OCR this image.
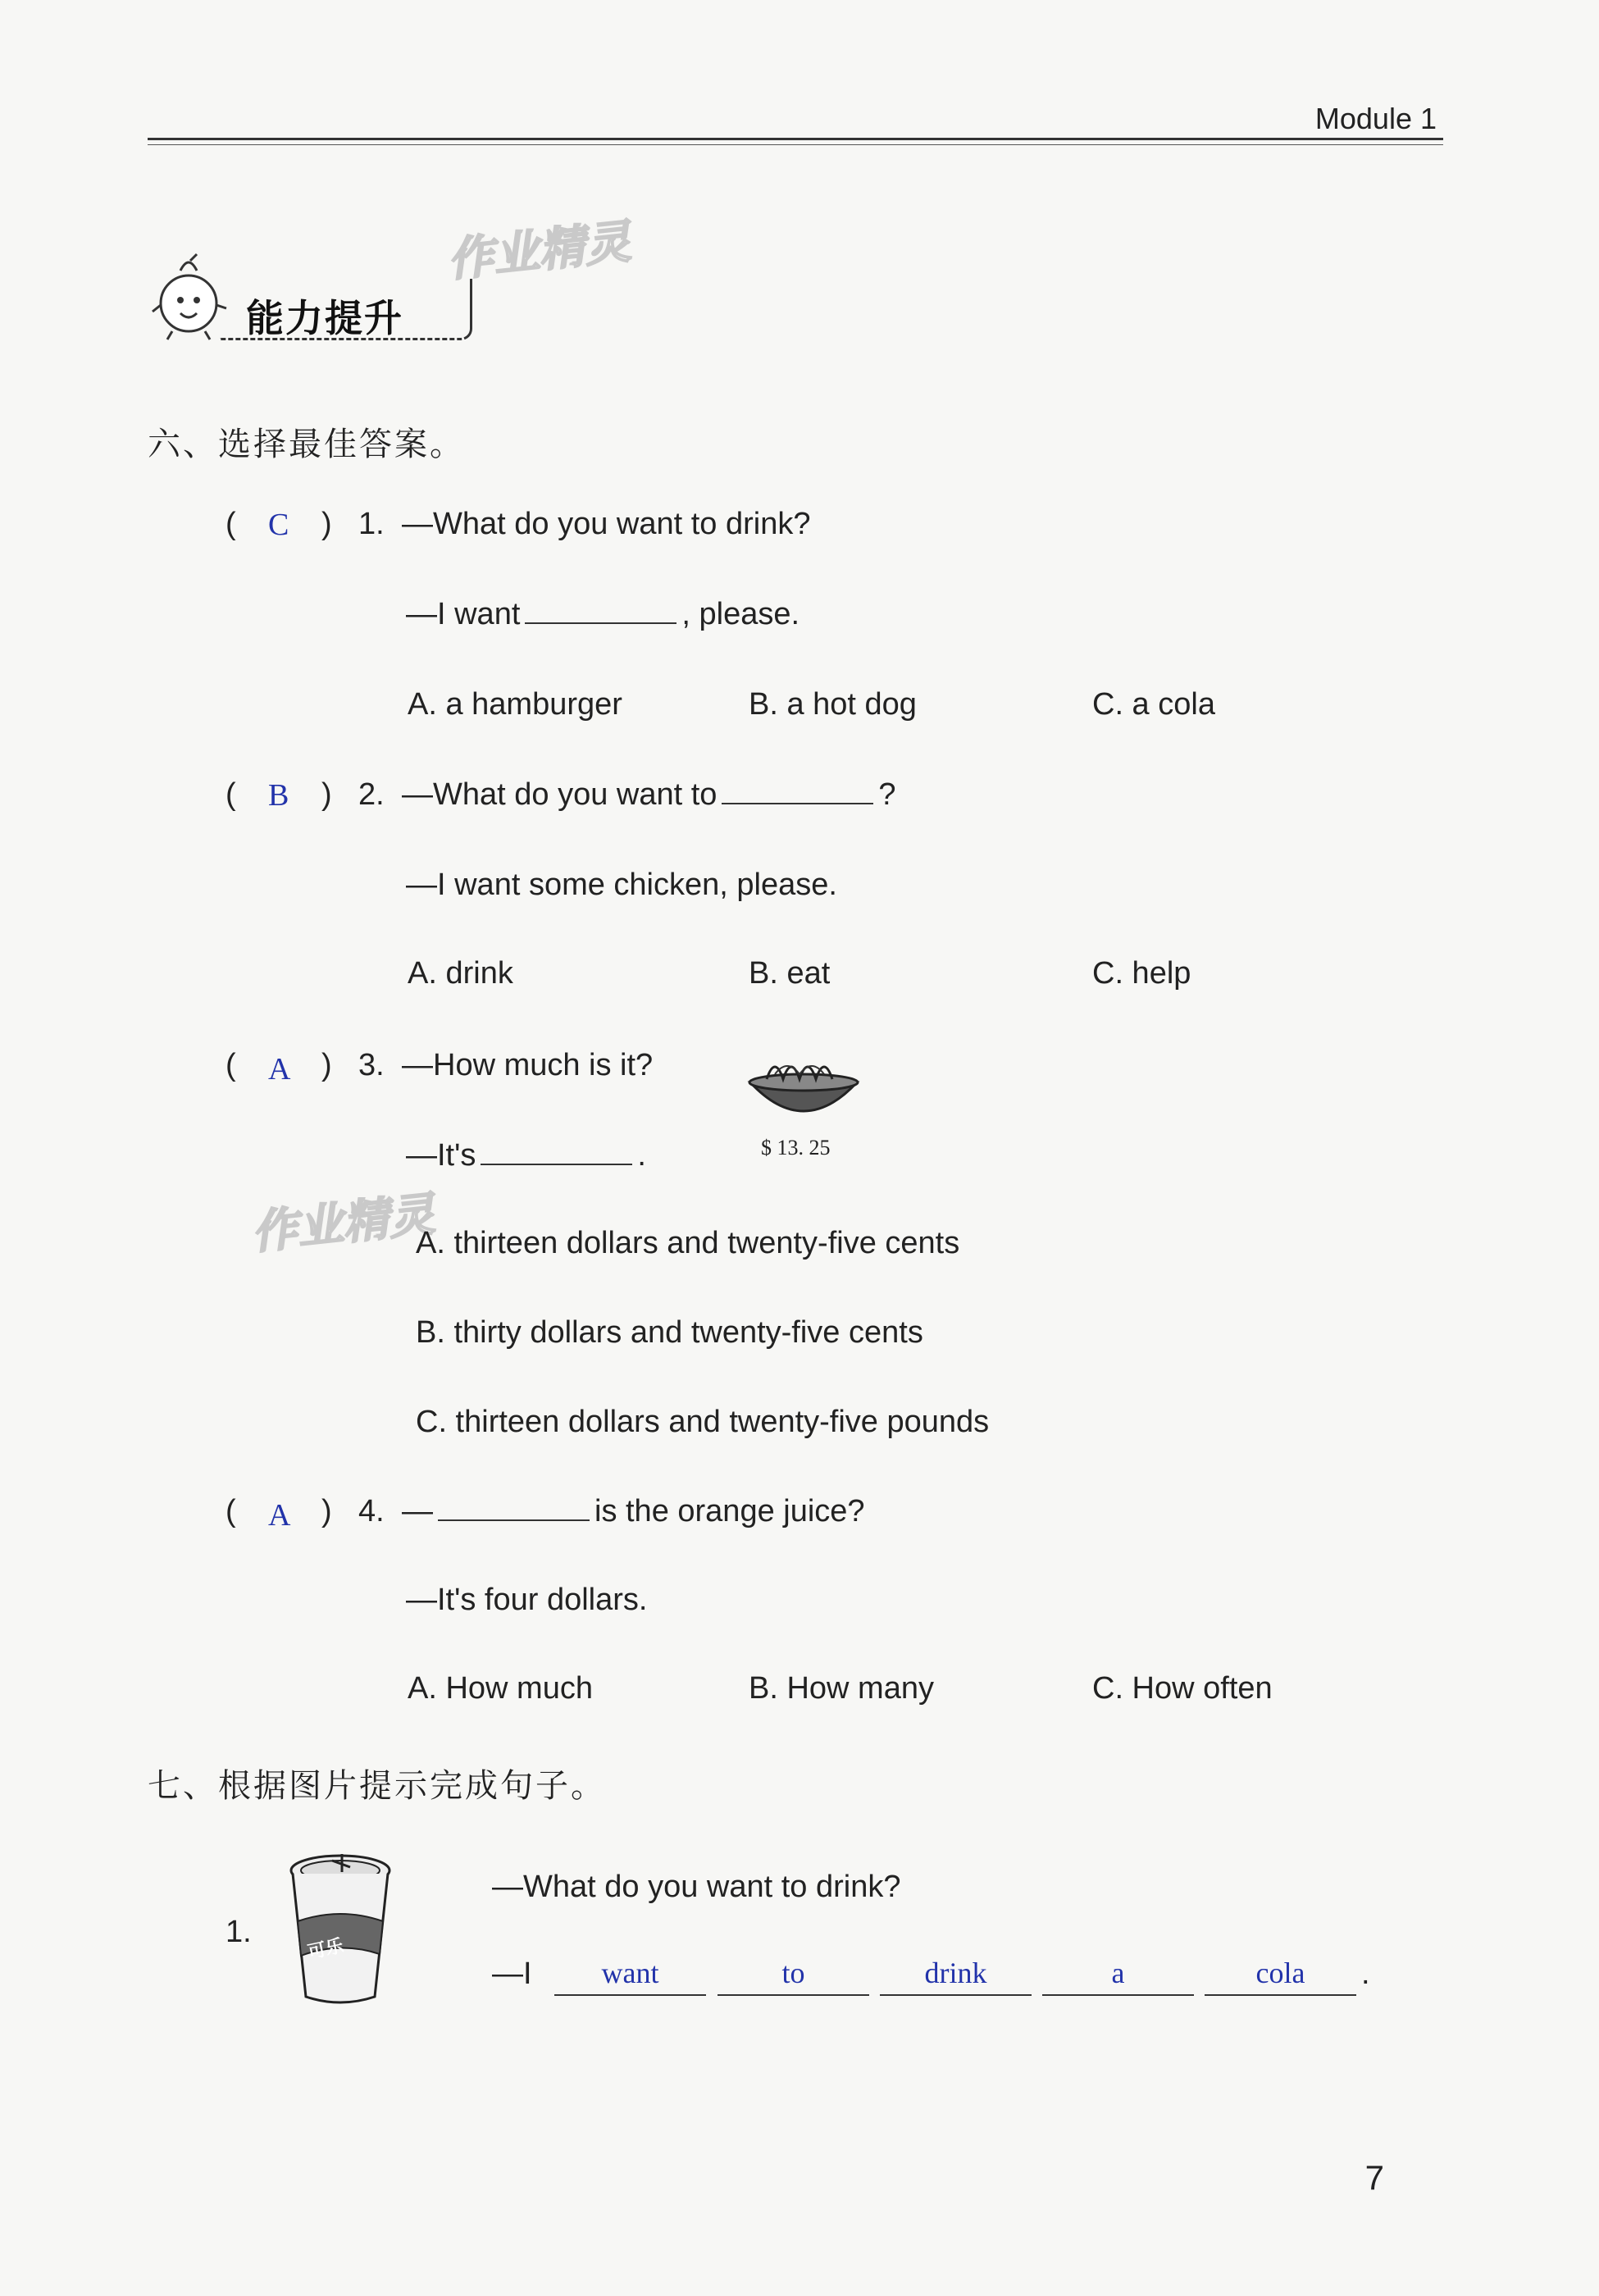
Module 1
作业精灵
能力提升
六、选择最佳答案。
( C ) 1. —What do you want to drink?
—I want	, please.
A. a hamburger	B. a hot dog	C. a cola
( B ) 2. —What do you want to	?
—I want some chicken, please.
A. drink	B. eat	C. help
( A ) 3. —How much is it?
$ 13. 25
—It's	.
作业精灵
A. thirteen dollars and twenty-five cents
B. thirty dollars and twenty-five cents
C. thirteen dollars and twenty-five pounds
( A ) 4. —	is the orange juice?
—It's four dollars.
A. How much	B. How many	C. How often
七、根据图片提示完成句子。
1.	可乐
—What do you want to drink?
—I	want	to	drink	a	cola	.
7
